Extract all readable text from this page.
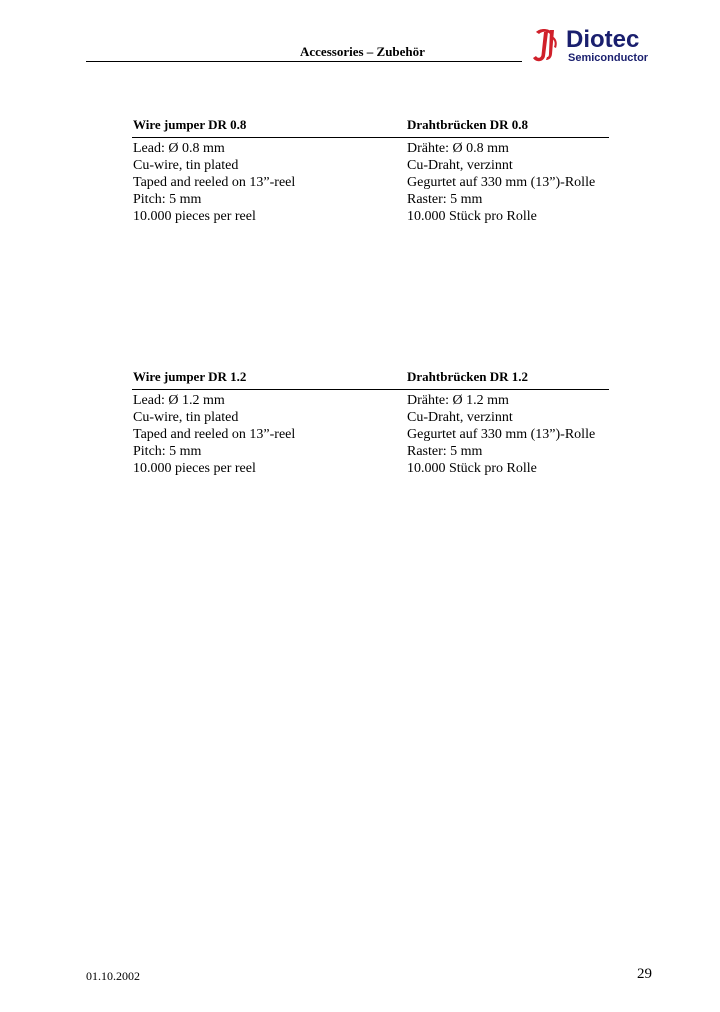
Accessories – Zubehör	Diotec
Semiconductor
Wire jumper DR 0.8	Drahtbrücken DR 0.8
Lead: Ø 0.8 mm	Drähte: Ø 0.8 mm
Cu-wire, tin plated	Cu-Draht, verzinnt
Taped and reeled on 13”-reel	Gegurtet auf 330 mm (13”)-Rolle
Pitch: 5 mm	Raster: 5 mm
10.000 pieces per reel	10.000 Stück pro Rolle
Wire jumper DR 1.2	Drahtbrücken DR 1.2
Lead: Ø 1.2 mm	Drähte: Ø 1.2 mm
Cu-wire, tin plated	Cu-Draht, verzinnt
Taped and reeled on 13”-reel	Gegurtet auf 330 mm (13”)-Rolle
Pitch: 5 mm	Raster: 5 mm
10.000 pieces per reel	10.000 Stück pro Rolle
01.10.2002	29
